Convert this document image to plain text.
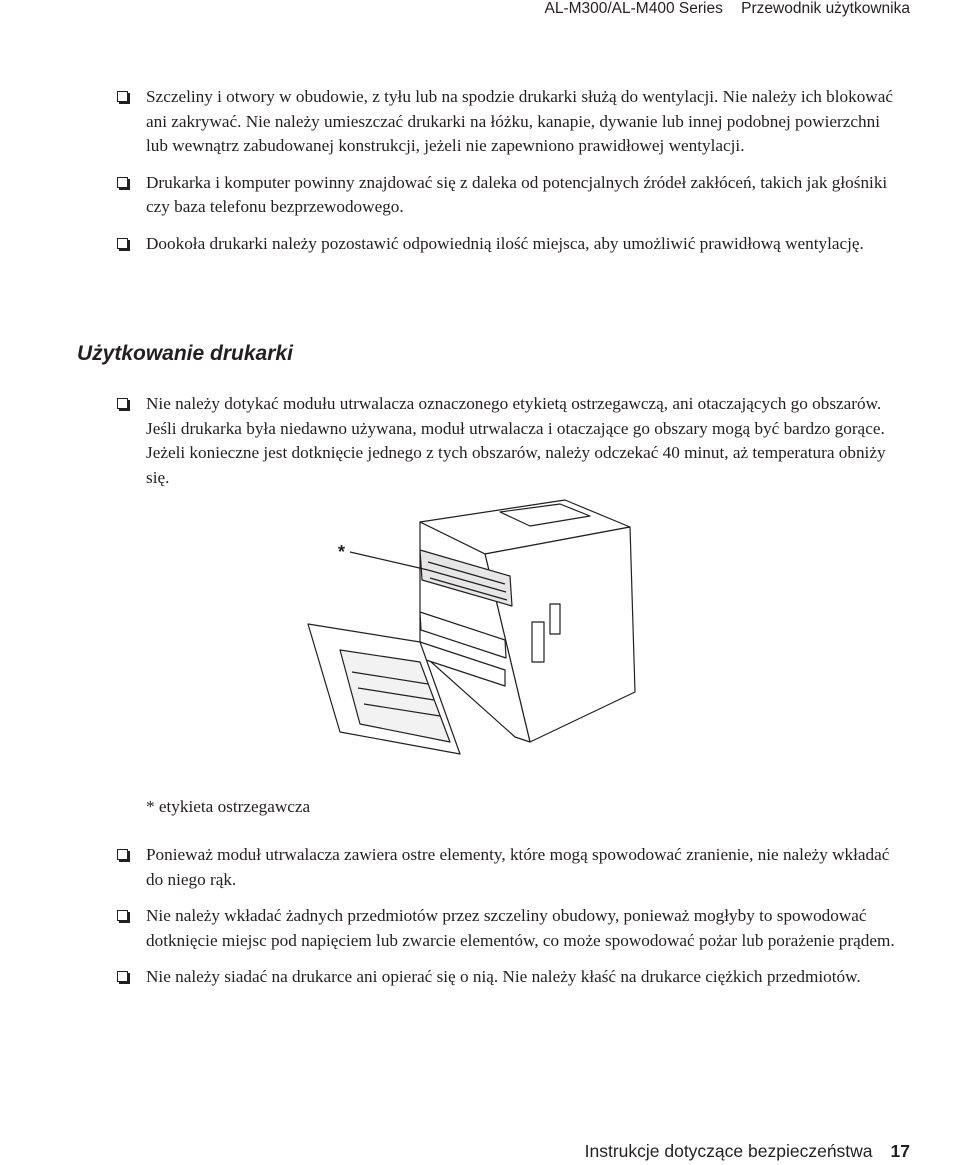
AL-M300/AL-M400 Series Przewodnik użytkownika
Szczeliny i otwory w obudowie, z tyłu lub na spodzie drukarki służą do wentylacji. Nie należy ich blokować ani zakrywać. Nie należy umieszczać drukarki na łóżku, kanapie, dywanie lub innej podobnej powierzchni lub wewnątrz zabudowanej konstrukcji, jeżeli nie zapewniono prawidłowej wentylacji.
Drukarka i komputer powinny znajdować się z daleka od potencjalnych źródeł zakłóceń, takich jak głośniki czy baza telefonu bezprzewodowego.
Dookoła drukarki należy pozostawić odpowiednią ilość miejsca, aby umożliwić prawidłową wentylację.
Użytkowanie drukarki
Nie należy dotykać modułu utrwalacza oznaczonego etykietą ostrzegawczą, ani otaczających go obszarów. Jeśli drukarka była niedawno używana, moduł utrwalacza i otaczające go obszary mogą być bardzo gorące. Jeżeli konieczne jest dotknięcie jednego z tych obszarów, należy odczekać 40 minut, aż temperatura obniży się.
*
* etykieta ostrzegawcza
Ponieważ moduł utrwalacza zawiera ostre elementy, które mogą spowodować zranienie, nie należy wkładać do niego rąk.
Nie należy wkładać żadnych przedmiotów przez szczeliny obudowy, ponieważ mogłyby to spowodować dotknięcie miejsc pod napięciem lub zwarcie elementów, co może spowodować pożar lub porażenie prądem.
Nie należy siadać na drukarce ani opierać się o nią. Nie należy kłaść na drukarce ciężkich przedmiotów.
Instrukcje dotyczące bezpieczeństwa 17
